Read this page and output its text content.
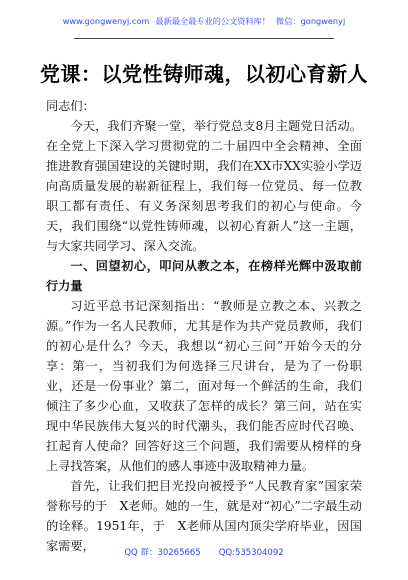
www.gongwenyj.com 最新最全最专业的公文资料库！ 微信：gongwenyj
党课：以党性铸师魂，以初心育新人

同志们：

今天，我们齐聚一堂，举行党总支8月主题党日活动。在全党上下深入学习贯彻党的二十届四中全会精神、全面推进教育强国建设的关键时期，我们在XX市XX实验小学迈向高质量发展的崭新征程上，我们每一位党员、每一位教职工都有责任、有义务深刻思考我们的初心与使命。今天，我们围绕“以党性铸师魂，以初心育新人”这一主题，与大家共同学习、深入交流。

一、回望初心，叩问从教之本，在榜样光辉中汲取前行力量

习近平总书记深刻指出：“教师是立教之本、兴教之源。”作为一名人民教师，尤其是作为共产党员教师，我们的初心是什么？今天，我想以“初心三问”开始今天的分享：第一，当初我们为何选择三尺讲台，是为了一份职业，还是一份事业？第二，面对每一个鲜活的生命，我们倾注了多少心血，又收获了怎样的成长？第三问，站在实现中华民族伟大复兴的时代潮头，我们能否应时代召唤、扛起育人使命？回答好这三个问题，我们需要从榜样的身上寻找答案，从他们的感人事迹中汲取精神力量。

首先，让我们把目光投向被授予“人民教育家”国家荣誉称号的于　X老师。她的一生，就是对“初心”二字最生动的诠释。1951年，于　X老师从国内顶尖学府毕业，因国家需要，	QQ 群：30265665 QQ:535304092
